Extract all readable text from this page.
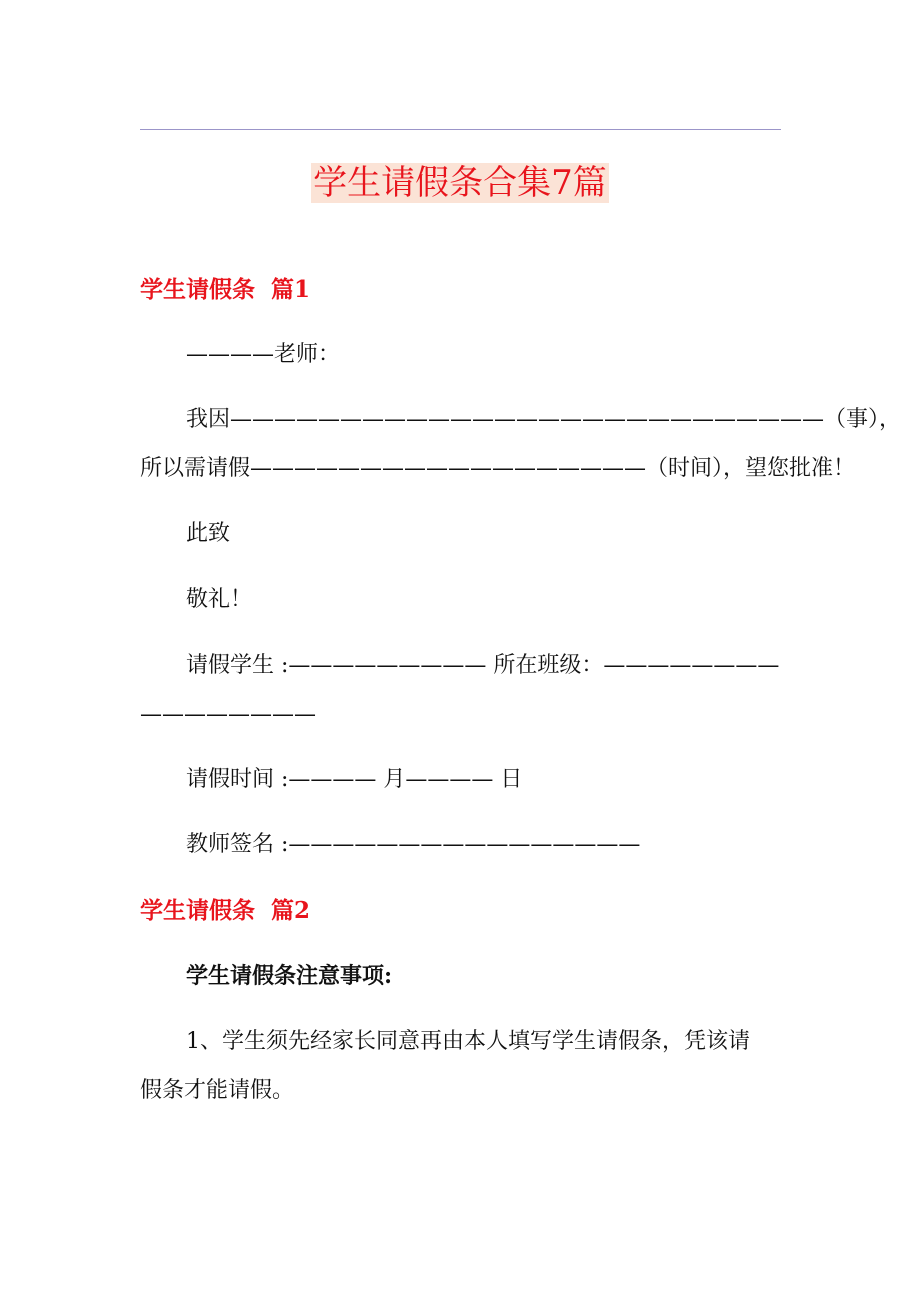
学生请假条合集7篇
学生请假条  篇1
————老师：
我因———————————————————————————（事），
所以需请假——————————————————（时间），望您批准！
此致
敬礼！
请假学生 :————————— 所在班级：————————
————————
请假时间 :———— 月———— 日
教师签名 :————————————————
学生请假条  篇2
学生请假条注意事项:
1、学生须先经家长同意再由本人填写学生请假条，凭该请
假条才能请假。
